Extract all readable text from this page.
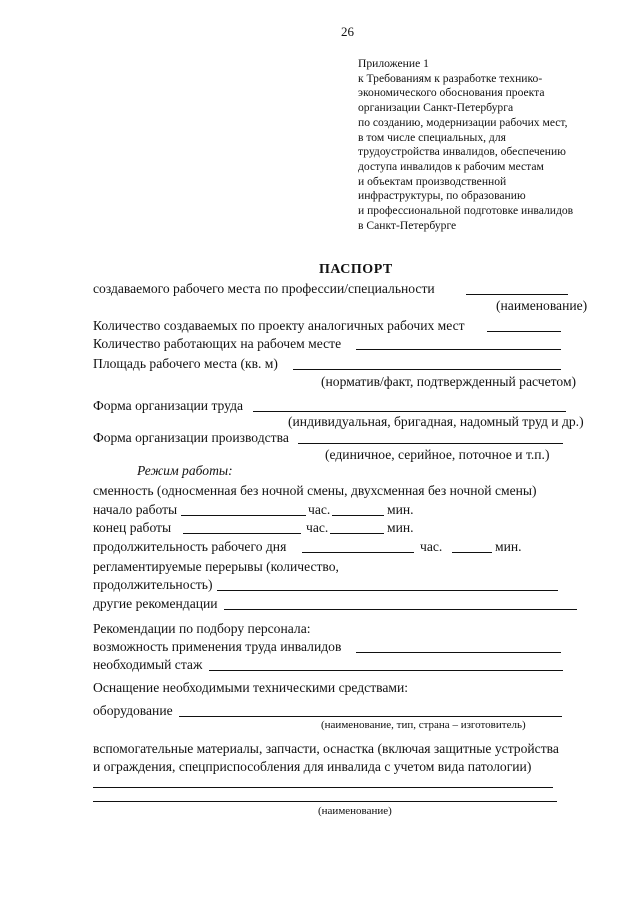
26
Приложение 1
к Требованиям к разработке технико-
экономического обоснования проекта
организации Санкт-Петербурга
по созданию, модернизации рабочих мест,
в том числе специальных, для
трудоустройства инвалидов, обеспечению
доступа инвалидов к рабочим местам
и объектам производственной
инфраструктуры, по образованию
и профессиональной подготовке инвалидов
в Санкт-Петербурге
ПАСПОРТ
создаваемого рабочего места по профессии/специальности
(наименование)
Количество создаваемых по проекту аналогичных рабочих мест
Количество работающих на рабочем месте
Площадь рабочего места (кв. м)
(норматив/факт, подтвержденный расчетом)
Форма организации труда
(индивидуальная, бригадная, надомный труд и др.)
Форма организации производства
(единичное, серийное, поточное и т.п.)
Режим работы:
сменность (односменная без ночной смены, двухсменная без ночной смены)
начало работы	час.	мин.
конец работы	час.	мин.
продолжительность рабочего дня	час.	мин.
регламентируемые перерывы (количество,
продолжительность)
другие рекомендации
Рекомендации по подбору персонала:
возможность применения труда инвалидов
необходимый стаж
Оснащение необходимыми техническими средствами:
оборудование
(наименование, тип, страна – изготовитель)
вспомогательные материалы, запчасти, оснастка (включая защитные устройства
и ограждения, спецприспособления для инвалида с учетом вида патологии)
(наименование)
